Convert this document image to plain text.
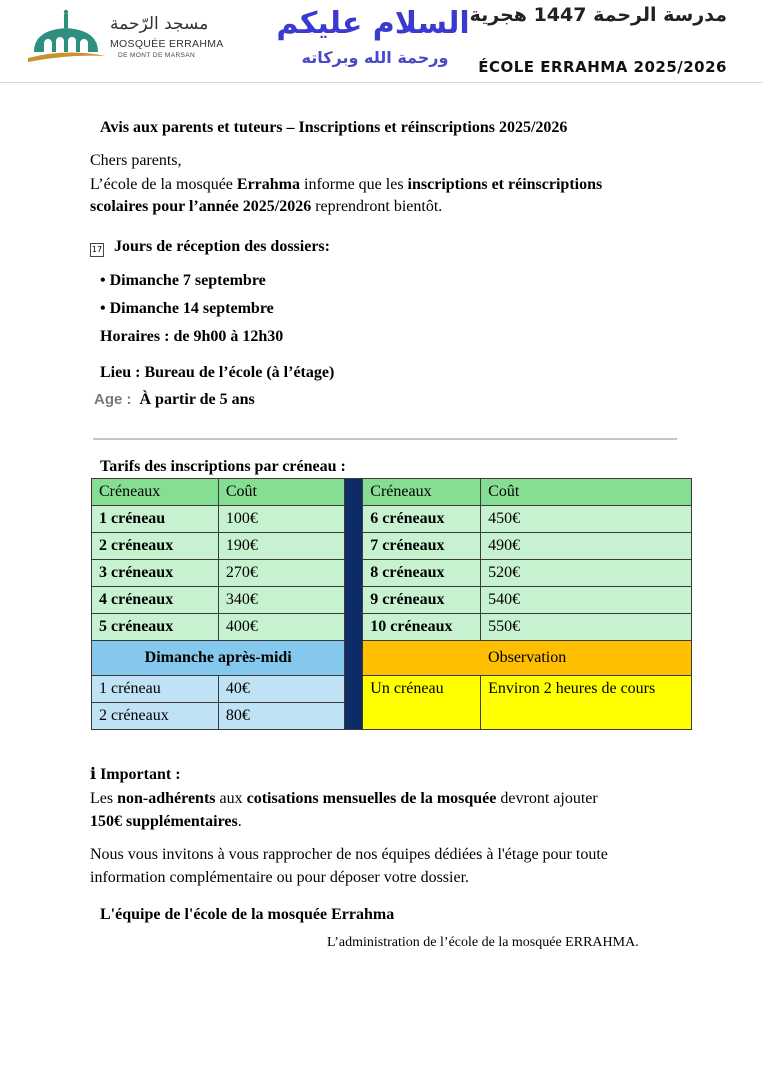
مسجد الرّحمة
MOSQUÉE ERRAHMA
DE MONT DE MARSAN
السلام عليكم
ورحمة الله وبركاته
مدرسة الرحمة 1447 هجرية
ÉCOLE ERRAHMA 2025/2026
Avis aux parents et tuteurs – Inscriptions et réinscriptions 2025/2026
Chers parents,
L’école de la mosquée Errahma informe que les inscriptions et réinscriptions
scolaires pour l’année 2025/2026 reprendront bientôt.
17 Jours de réception des dossiers:
• Dimanche 7 septembre
• Dimanche 14 septembre
Horaires : de 9h00 à 12h30
Lieu : Bureau de l’école (à l’étage)
Age : À partir de 5 ans
Tarifs des inscriptions par créneau :
Créneaux	Coût		Créneaux	Coût
1 créneau	100€		6 créneaux	450€
2 créneaux	190€		7 créneaux	490€
3 créneaux	270€		8 créneaux	520€
4 créneaux	340€		9 créneaux	540€
5 créneaux	400€		10 créneaux	550€
Dimanche après-midi			Observation	
1 créneau	40€		Un créneau	Environ 2 heures de cours
2 créneaux	80€			
ℹ Important :
Les non-adhérents aux cotisations mensuelles de la mosquée devront ajouter
150€ supplémentaires.
Nous vous invitons à vous rapprocher de nos équipes dédiées à l'étage pour toute
information complémentaire ou pour déposer votre dossier.
L'équipe de l'école de la mosquée Errahma
L’administration de l’école de la mosquée ERRAHMA.
